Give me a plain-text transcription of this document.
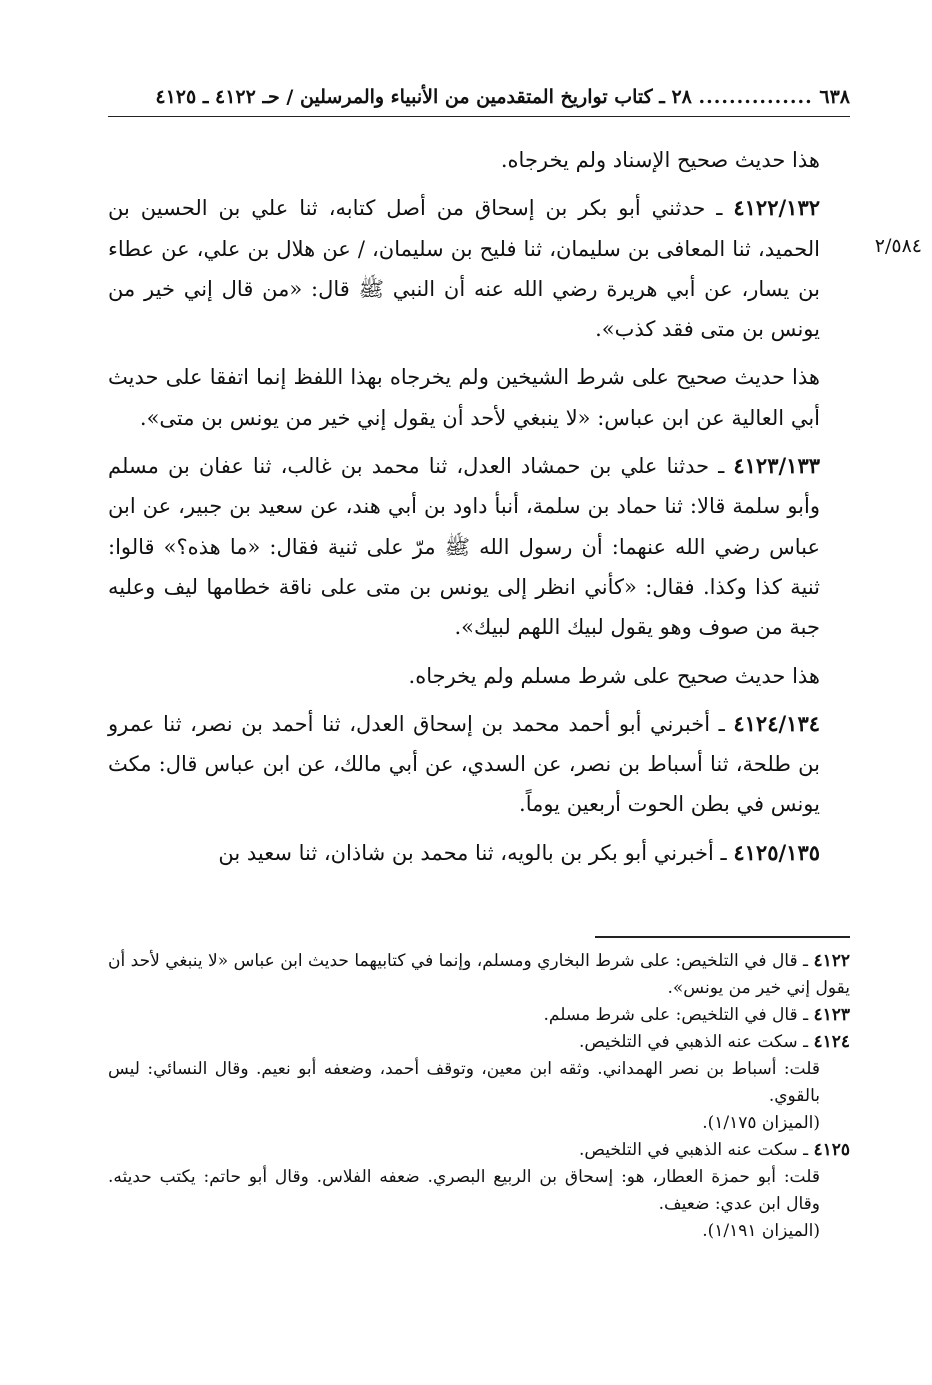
٦٣٨ ............... ٢٨ ـ كتاب تواريخ المتقدمين من الأنبياء والمرسلين / حـ ٤١٢٢ ـ ٤١٢٥
٢/٥٨٤

هذا حديث صحيح الإسناد ولم يخرجاه.

٤١٢٢/١٣٢ ـ حدثني أبو بكر بن إسحاق من أصل كتابه، ثنا علي بن الحسين بن الحميد، ثنا المعافى بن سليمان، ثنا فليح بن سليمان، / عن هلال بن علي، عن عطاء بن يسار، عن أبي هريرة رضي الله عنه أن النبي ﷺ قال: «من قال إني خير من يونس بن متى فقد كذب».

هذا حديث صحيح على شرط الشيخين ولم يخرجاه بهذا اللفظ إنما اتفقا على حديث أبي العالية عن ابن عباس: «لا ينبغي لأحد أن يقول إني خير من يونس بن متى».

٤١٢٣/١٣٣ ـ حدثنا علي بن حمشاد العدل، ثنا محمد بن غالب، ثنا عفان بن مسلم وأبو سلمة قالا: ثنا حماد بن سلمة، أنبأ داود بن أبي هند، عن سعيد بن جبير، عن ابن عباس رضي الله عنهما: أن رسول الله ﷺ مرّ على ثنية فقال: «ما هذه؟» قالوا: ثنية كذا وكذا. فقال: «كأني انظر إلى يونس بن متى على ناقة خطامها ليف وعليه جبة من صوف وهو يقول لبيك اللهم لبيك».

هذا حديث صحيح على شرط مسلم ولم يخرجاه.

٤١٢٤/١٣٤ ـ أخبرني أبو أحمد محمد بن إسحاق العدل، ثنا أحمد بن نصر، ثنا عمرو بن طلحة، ثنا أسباط بن نصر، عن السدي، عن أبي مالك، عن ابن عباس قال: مكث يونس في بطن الحوت أربعين يوماً.

٤١٢٥/١٣٥ ـ أخبرني أبو بكر بن بالويه، ثنا محمد بن شاذان، ثنا سعيد بن

٤١٢٢ ـ قال في التلخيص: على شرط البخاري ومسلم، وإنما في كتابيهما حديث ابن عباس «لا ينبغي لأحد أن يقول إني خير من يونس».

٤١٢٣ ـ قال في التلخيص: على شرط مسلم.

٤١٢٤ ـ سكت عنه الذهبي في التلخيص.

قلت: أسباط بن نصر الهمداني. وثقه ابن معين، وتوقف أحمد، وضعفه أبو نعيم. وقال النسائي: ليس بالقوي.

(الميزان ١/١٧٥).

٤١٢٥ ـ سكت عنه الذهبي في التلخيص.

قلت: أبو حمزة العطار، هو: إسحاق بن الربيع البصري. ضعفه الفلاس. وقال أبو حاتم: يكتب حديثه. وقال ابن عدي: ضعيف.

(الميزان ١/١٩١).
